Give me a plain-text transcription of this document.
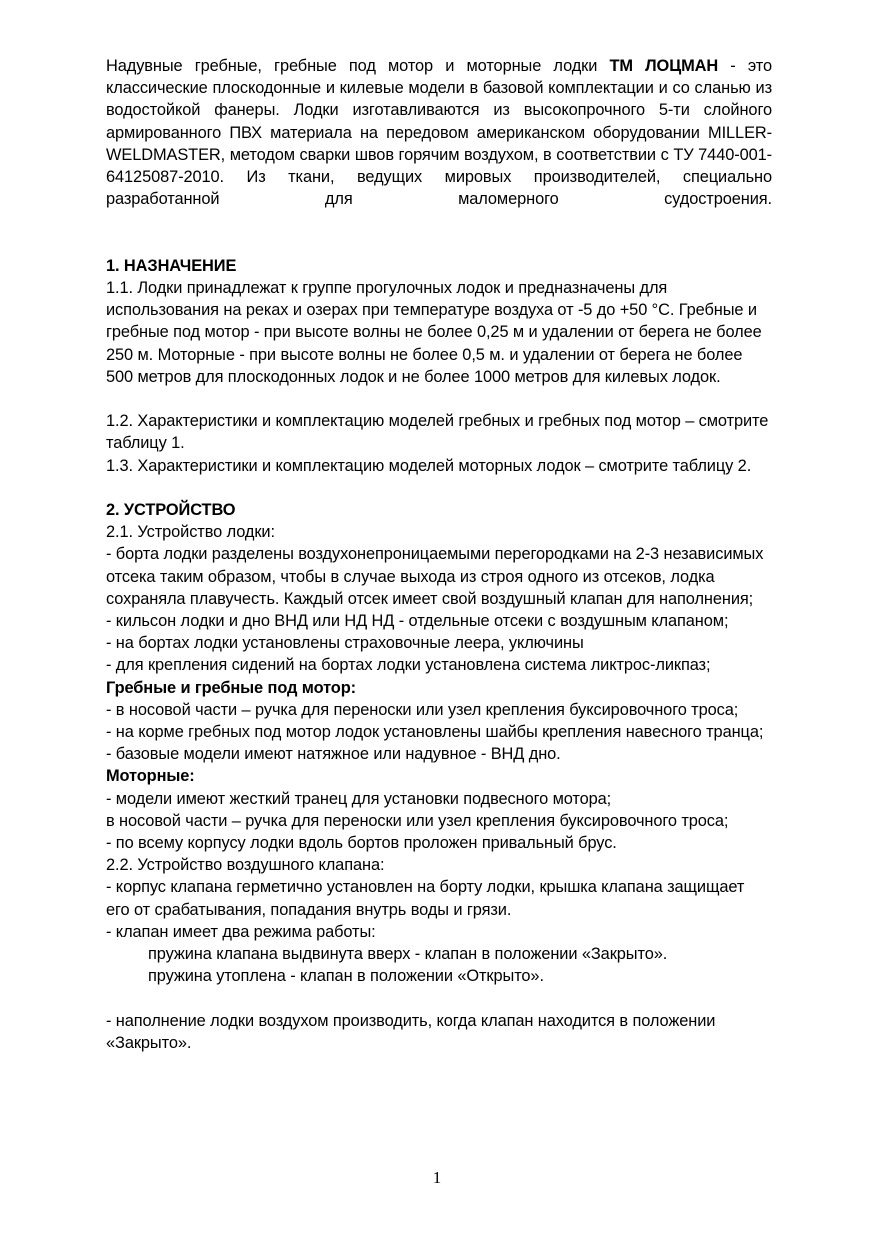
Надувные гребные, гребные под мотор и моторные лодки ТМ ЛОЦМАН - это классические плоскодонные и килевые модели в базовой комплектации и со сланью из водостойкой фанеры. Лодки изготавливаются из высокопрочного 5-ти слойного армированного ПВХ материала на передовом американском оборудовании MILLER-WELDMASTER, методом сварки швов горячим воздухом, в соответствии с ТУ 7440-001-64125087-2010. Из ткани, ведущих мировых производителей, специально разработанной для маломерного судостроения.

1. НАЗНАЧЕНИЕ

1.1. Лодки принадлежат к группе прогулочных лодок и предназначены для использования на реках и озерах при температуре воздуха от -5 до +50 °С. Гребные и гребные под мотор - при высоте волны не более 0,25 м и удалении от берега не более 250 м. Моторные - при высоте волны не более 0,5 м. и удалении от берега не более 500 метров для плоскодонных лодок и не более 1000 метров для килевых лодок.

1.2. Характеристики и комплектацию моделей гребных и гребных под мотор – смотрите таблицу 1.

1.3. Характеристики и комплектацию моделей моторных лодок – смотрите таблицу 2.

2. УСТРОЙСТВО

2.1. Устройство лодки:

- борта лодки разделены воздухонепроницаемыми перегородками на 2-3 независимых отсека таким образом, чтобы в случае выхода из строя одного из отсеков, лодка сохраняла плавучесть. Каждый отсек имеет свой воздушный клапан для наполнения;

- кильсон лодки и дно ВНД или НД НД - отдельные отсеки с воздушным клапаном;

- на бортах лодки установлены страховочные леера, уключины

- для крепления сидений на бортах лодки установлена система ликтрос-ликпаз;

Гребные и гребные под мотор:

- в носовой части – ручка для переноски или узел крепления буксировочного троса;

- на корме гребных под мотор лодок установлены шайбы крепления навесного транца;

- базовые модели имеют натяжное или надувное - ВНД дно.

Моторные:

- модели имеют жесткий транец для установки подвесного мотора;

в носовой части – ручка для переноски или узел крепления буксировочного троса;

- по всему корпусу лодки вдоль бортов проложен привальный брус.

2.2. Устройство воздушного клапана:

- корпус клапана герметично установлен на борту лодки, крышка клапана защищает его от срабатывания, попадания внутрь воды и грязи.

- клапан имеет два режима работы:

пружина клапана выдвинута вверх - клапан в положении «Закрыто».

пружина утоплена - клапан в положении «Открыто».

- наполнение лодки воздухом производить, когда клапан находится в положении «Закрыто».

1
